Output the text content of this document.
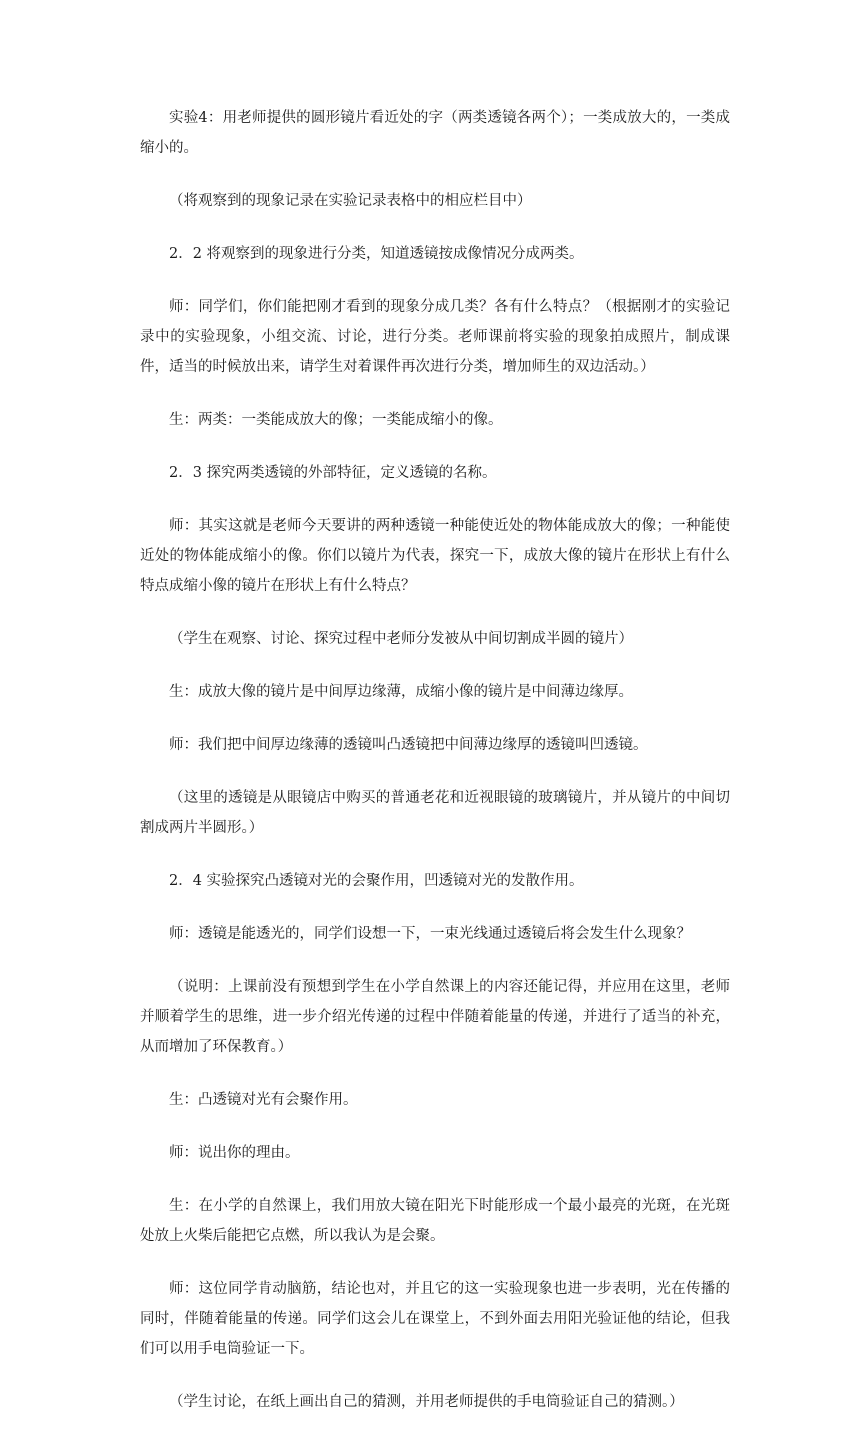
实验4：用老师提供的圆形镜片看近处的字（两类透镜各两个）；一类成放大的，一类成缩小的。

（将观察到的现象记录在实验记录表格中的相应栏目中）

2．2 将观察到的现象进行分类，知道透镜按成像情况分成两类。

师：同学们，你们能把刚才看到的现象分成几类？各有什么特点？（根据刚才的实验记录中的实验现象，小组交流、讨论，进行分类。老师课前将实验的现象拍成照片，制成课件，适当的时候放出来，请学生对着课件再次进行分类，增加师生的双边活动。）

生：两类：一类能成放大的像；一类能成缩小的像。

2．3 探究两类透镜的外部特征，定义透镜的名称。

师：其实这就是老师今天要讲的两种透镜一种能使近处的物体能成放大的像；一种能使近处的物体能成缩小的像。你们以镜片为代表，探究一下，成放大像的镜片在形状上有什么特点成缩小像的镜片在形状上有什么特点？

（学生在观察、讨论、探究过程中老师分发被从中间切割成半圆的镜片）

生：成放大像的镜片是中间厚边缘薄，成缩小像的镜片是中间薄边缘厚。

师：我们把中间厚边缘薄的透镜叫凸透镜把中间薄边缘厚的透镜叫凹透镜。

（这里的透镜是从眼镜店中购买的普通老花和近视眼镜的玻璃镜片，并从镜片的中间切割成两片半圆形。）

2．4 实验探究凸透镜对光的会聚作用，凹透镜对光的发散作用。

师：透镜是能透光的，同学们设想一下，一束光线通过透镜后将会发生什么现象？

（说明：上课前没有预想到学生在小学自然课上的内容还能记得，并应用在这里，老师并顺着学生的思维，进一步介绍光传递的过程中伴随着能量的传递，并进行了适当的补充，从而增加了环保教育。）

生：凸透镜对光有会聚作用。

师：说出你的理由。

生：在小学的自然课上，我们用放大镜在阳光下时能形成一个最小最亮的光斑，在光斑处放上火柴后能把它点燃，所以我认为是会聚。

师：这位同学肯动脑筋，结论也对，并且它的这一实验现象也进一步表明，光在传播的同时，伴随着能量的传递。同学们这会儿在课堂上，不到外面去用阳光验证他的结论，但我们可以用手电筒验证一下。

（学生讨论，在纸上画出自己的猜测，并用老师提供的手电筒验证自己的猜测。）
